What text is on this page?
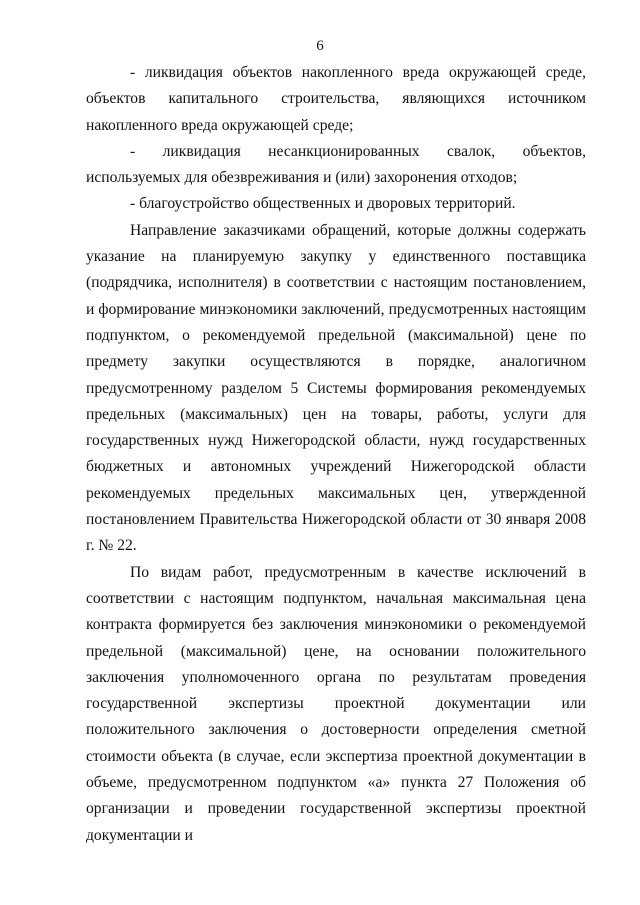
6

- ликвидация объектов накопленного вреда окружающей среде, объектов капитального строительства, являющихся источником накопленного вреда окружающей среде;

- ликвидация несанкционированных свалок, объектов, используемых для обезвреживания и (или) захоронения отходов;

- благоустройство общественных и дворовых территорий.

Направление заказчиками обращений, которые должны содержать указание на планируемую закупку у единственного поставщика (подрядчика, исполнителя) в соответствии с настоящим постановлением, и формирование минэкономики заключений, предусмотренных настоящим подпунктом, о рекомендуемой предельной (максимальной) цене по предмету закупки осуществляются в порядке, аналогичном предусмотренному разделом 5 Системы формирования рекомендуемых предельных (максимальных) цен на товары, работы, услуги для государственных нужд Нижегородской области, нужд государственных бюджетных и автономных учреждений Нижегородской области рекомендуемых предельных максимальных цен, утвержденной постановлением Правительства Нижегородской области от 30 января 2008 г. № 22.

По видам работ, предусмотренным в качестве исключений в соответствии с настоящим подпунктом, начальная максимальная цена контракта формируется без заключения минэкономики о рекомендуемой предельной (максимальной) цене, на основании положительного заключения уполномоченного органа по результатам проведения государственной экспертизы проектной документации или положительного заключения о достоверности определения сметной стоимости объекта (в случае, если экспертиза проектной документации в объеме, предусмотренном подпунктом «а» пункта 27 Положения об организации и проведении государственной экспертизы проектной документации и
